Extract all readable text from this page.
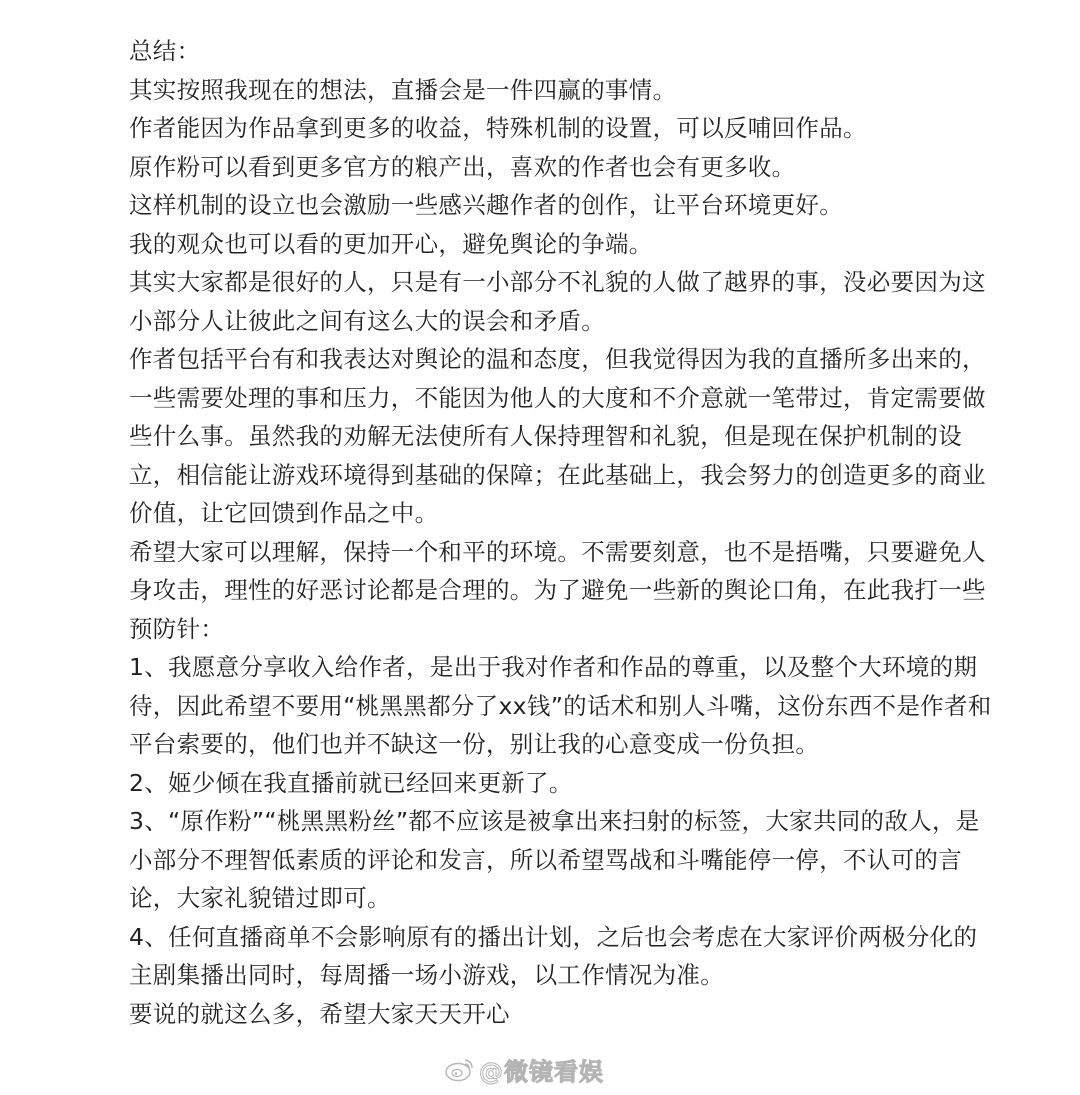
总结：
其实按照我现在的想法，直播会是一件四赢的事情。
作者能因为作品拿到更多的收益，特殊机制的设置，可以反哺回作品。
原作粉可以看到更多官方的粮产出，喜欢的作者也会有更多收。
这样机制的设立也会激励一些感兴趣作者的创作，让平台环境更好。
我的观众也可以看的更加开心，避免舆论的争端。
其实大家都是很好的人，只是有一小部分不礼貌的人做了越界的事，没必要因为这
小部分人让彼此之间有这么大的误会和矛盾。
作者包括平台有和我表达对舆论的温和态度，但我觉得因为我的直播所多出来的，
一些需要处理的事和压力，不能因为他人的大度和不介意就一笔带过，肯定需要做
些什么事。虽然我的劝解无法使所有人保持理智和礼貌，但是现在保护机制的设
立，相信能让游戏环境得到基础的保障；在此基础上，我会努力的创造更多的商业
价值，让它回馈到作品之中。
希望大家可以理解，保持一个和平的环境。不需要刻意，也不是捂嘴，只要避免人
身攻击，理性的好恶讨论都是合理的。为了避免一些新的舆论口角，在此我打一些
预防针：
1、我愿意分享收入给作者，是出于我对作者和作品的尊重，以及整个大环境的期
待，因此希望不要用“桃黑黑都分了xx钱”的话术和别人斗嘴，这份东西不是作者和
平台索要的，他们也并不缺这一份，别让我的心意变成一份负担。
2、姬少倾在我直播前就已经回来更新了。
3、“原作粉”“桃黑黑粉丝”都不应该是被拿出来扫射的标签，大家共同的敌人，是
小部分不理智低素质的评论和发言，所以希望骂战和斗嘴能停一停，不认可的言
论，大家礼貌错过即可。
4、任何直播商单不会影响原有的播出计划，之后也会考虑在大家评价两极分化的
主剧集播出同时，每周播一场小游戏，以工作情况为准。
要说的就这么多，希望大家天天开心
@微镜看娱
